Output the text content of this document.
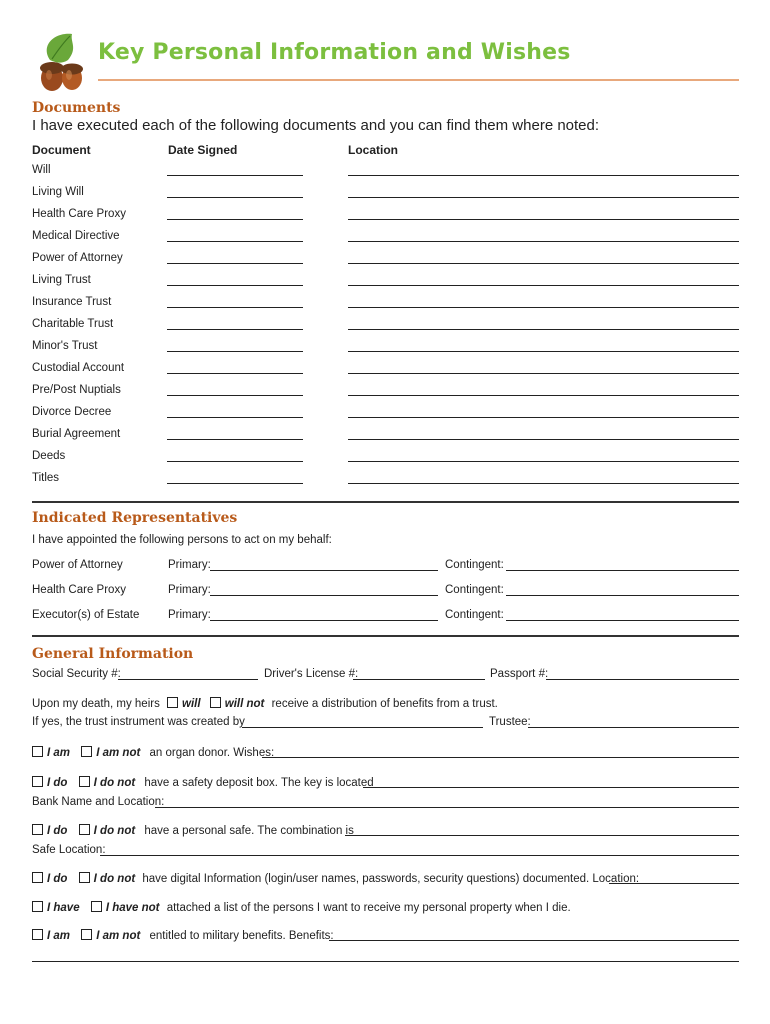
Key Personal Information and Wishes
Documents
I have executed each of the following documents and you can find them where noted:
Document	Date Signed	Location
Will
Living Will
Health Care Proxy
Medical Directive
Power of Attorney
Living Trust
Insurance Trust
Charitable Trust
Minor's Trust
Custodial Account
Pre/Post Nuptials
Divorce Decree
Burial Agreement
Deeds
Titles
Indicated Representatives
I have appointed the following persons to act on my behalf:
Power of Attorney	Primary:	Contingent:
Health Care Proxy	Primary:	Contingent:
Executor(s) of Estate Primary:	Contingent:
General Information
Social Security #:	Driver's License #:	Passport #:
Upon my death, my heirs will will not receive a distribution of benefits from a trust.
If yes, the trust instrument was created by	Trustee:
I am I am not an organ donor. Wishes:
I do I do not have a safety deposit box. The key is located
Bank Name and Location:
I do I do not have a personal safe. The combination is
Safe Location:
I do I do not have digital Information (login/user names, passwords, security questions) documented. Location:
I have I have not attached a list of the persons I want to receive my personal property when I die.
I am I am not entitled to military benefits. Benefits:
